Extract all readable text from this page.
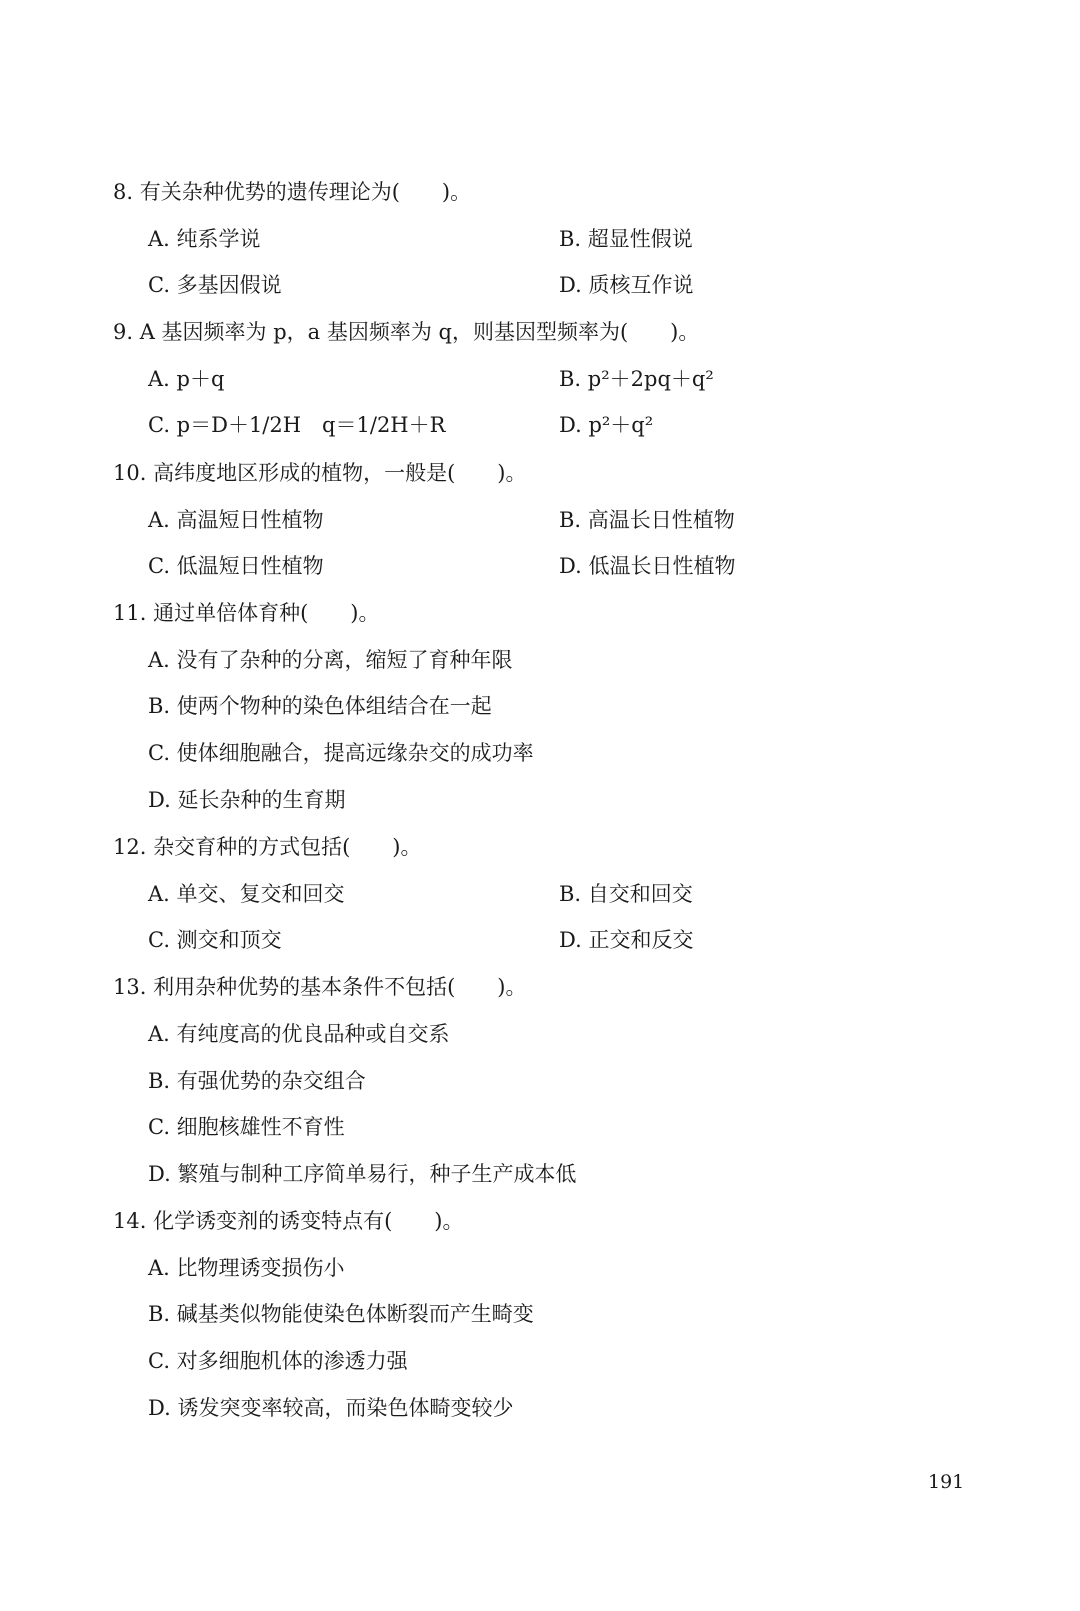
8. 有关杂种优势的遗传理论为(　　)。
A. 纯系学说	B. 超显性假说
C. 多基因假说	D. 质核互作说
9. A 基因频率为 p，a 基因频率为 q，则基因型频率为(　　)。
A. p＋q	B. p²＋2pq＋q²
C. p＝D＋1/2H　q＝1/2H＋R	D. p²＋q²
10. 高纬度地区形成的植物，一般是(　　)。
A. 高温短日性植物	B. 高温长日性植物
C. 低温短日性植物	D. 低温长日性植物
11. 通过单倍体育种(　　)。
A. 没有了杂种的分离，缩短了育种年限
B. 使两个物种的染色体组结合在一起
C. 使体细胞融合，提高远缘杂交的成功率
D. 延长杂种的生育期
12. 杂交育种的方式包括(　　)。
A. 单交、复交和回交	B. 自交和回交
C. 测交和顶交	D. 正交和反交
13. 利用杂种优势的基本条件不包括(　　)。
A. 有纯度高的优良品种或自交系
B. 有强优势的杂交组合
C. 细胞核雄性不育性
D. 繁殖与制种工序简单易行，种子生产成本低
14. 化学诱变剂的诱变特点有(　　)。
A. 比物理诱变损伤小
B. 碱基类似物能使染色体断裂而产生畸变
C. 对多细胞机体的渗透力强
D. 诱发突变率较高，而染色体畸变较少
191
